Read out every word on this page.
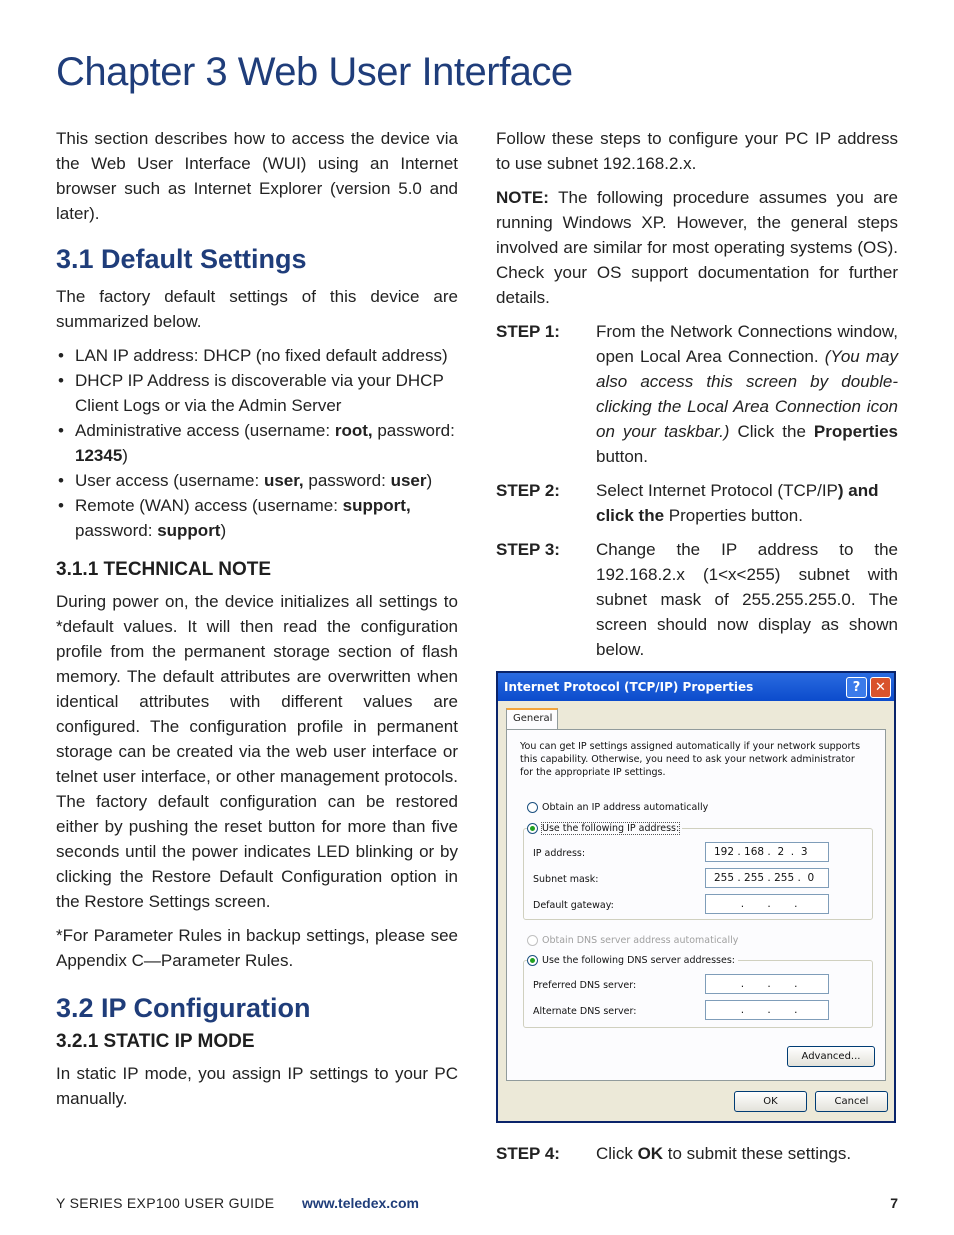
Chapter 3 Web User Interface

This section describes how to access the device via the Web User Interface (WUI) using an Internet browser such as Internet Explorer (version 5.0 and later).

3.1 Default Settings

The factory default settings of this device are summarized below.

• LAN IP address: DHCP (no fixed default address)
• DHCP IP Address is discoverable via your DHCP Client Logs or via the Admin Server
• Administrative access (username: root, password: 12345)
• User access (username: user, password: user)
• Remote (WAN) access (username: support, password: support)
3.1.1 TECHNICAL NOTE

During power on, the device initializes all settings to *default values. It will then read the configuration profile from the permanent storage section of flash memory. The default attributes are overwritten when identical attributes with different values are configured. The configuration profile in permanent storage can be created via the web user interface or telnet user interface, or other management protocols. The factory default configuration can be restored either by pushing the reset button for more than five seconds until the power indicates LED blinking or by clicking the Restore Default Configuration option in the Restore Settings screen.

*For Parameter Rules in backup settings, please see Appendix C—Parameter Rules.

3.2 IP Configuration
3.2.1 STATIC IP MODE

In static IP mode, you assign IP settings to your PC manually.

Follow these steps to configure your PC IP address to use subnet 192.168.2.x.

NOTE: The following procedure assumes you are running Windows XP. However, the general steps involved are similar for most operating systems (OS). Check your OS support documentation for further details.

STEP 1:	From the Network Connections window, open Local Area Connection. (You may also access this screen by double-clicking the Local Area Connection icon on your taskbar.) Click the Properties button.
STEP 2:	Select Internet Protocol (TCP/IP) and click the Properties button.
STEP 3:	Change the IP address to the 192.168.2.x (1<x<255) subnet with subnet mask of 255.255.255.0. The screen should now display as shown below.
Internet Protocol (TCP/IP) Properties	?	✕
General
You can get IP settings assigned automatically if your network supports this capability. Otherwise, you need to ask your network administrator for the appropriate IP settings.
Obtain an IP address automatically
Use the following IP address:
IP address:	192 . 168 .  2  .  3
Subnet mask:	255 . 255 . 255 .  0
Default gateway:	.       .       .
Obtain DNS server address automatically
Use the following DNS server addresses:
Preferred DNS server:	.       .       .
Alternate DNS server:	.       .       .
Advanced...
OK	Cancel
STEP 4:	Click OK to submit these settings.
Y SERIES EXP100 USER GUIDE www.teledex.com	7
